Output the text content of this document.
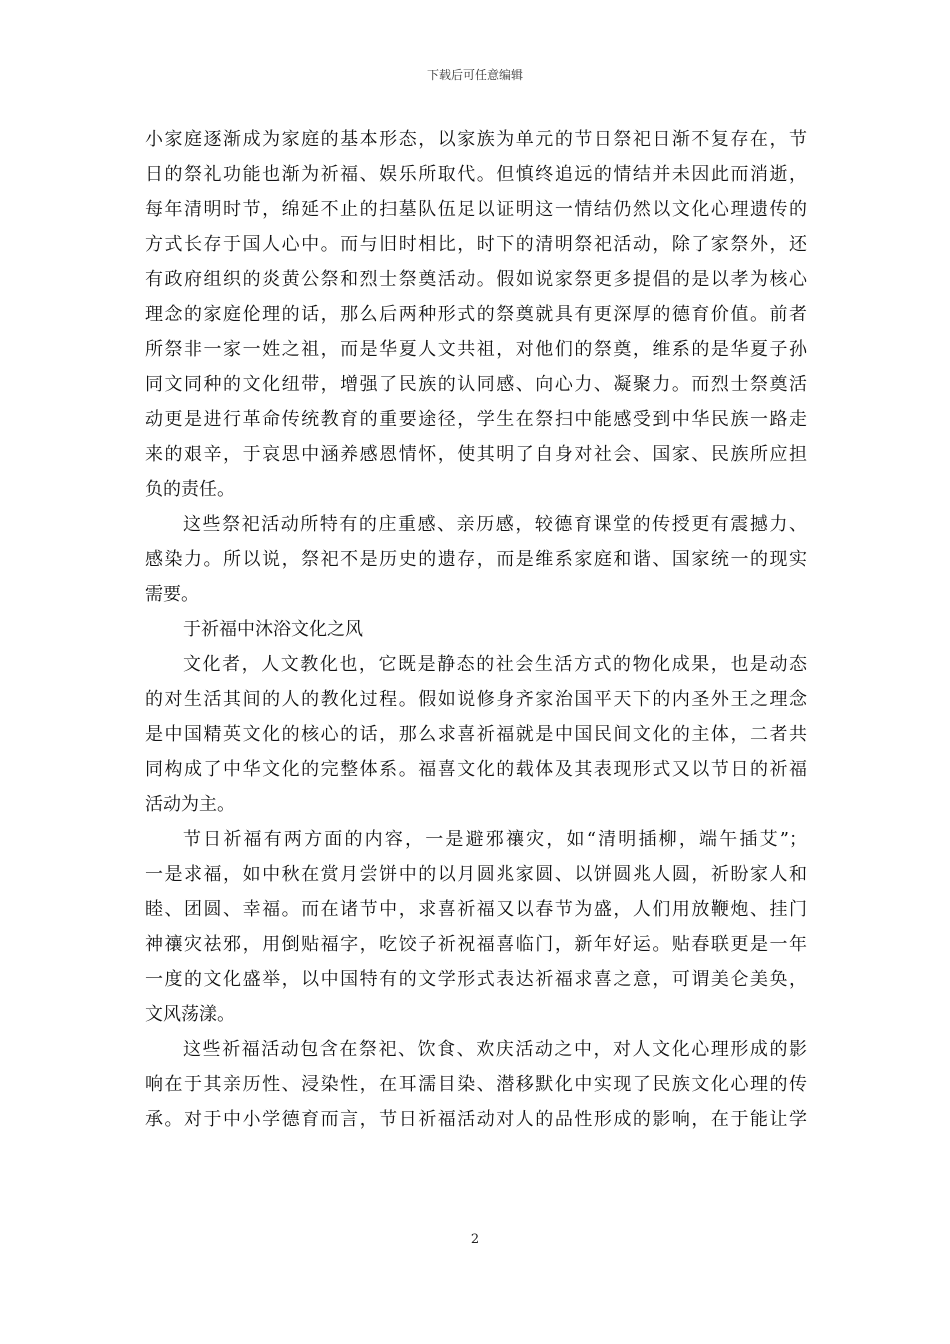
下载后可任意编辑
小家庭逐渐成为家庭的基本形态，以家族为单元的节日祭祀日渐不复存在，节
日的祭礼功能也渐为祈福、娱乐所取代。但慎终追远的情结并未因此而消逝，
每年清明时节，绵延不止的扫墓队伍足以证明这一情结仍然以文化心理遗传的
方式长存于国人心中。而与旧时相比，时下的清明祭祀活动，除了家祭外，还
有政府组织的炎黄公祭和烈士祭奠活动。假如说家祭更多提倡的是以孝为核心
理念的家庭伦理的话，那么后两种形式的祭奠就具有更深厚的德育价值。前者
所祭非一家一姓之祖，而是华夏人文共祖，对他们的祭奠，维系的是华夏子孙
同文同种的文化纽带，增强了民族的认同感、向心力、凝聚力。而烈士祭奠活
动更是进行革命传统教育的重要途径，学生在祭扫中能感受到中华民族一路走
来的艰辛，于哀思中涵养感恩情怀，使其明了自身对社会、国家、民族所应担
负的责任。
这些祭祀活动所特有的庄重感、亲历感，较德育课堂的传授更有震撼力、
感染力。所以说，祭祀不是历史的遗存，而是维系家庭和谐、国家统一的现实
需要。
于祈福中沐浴文化之风
文化者，人文教化也，它既是静态的社会生活方式的物化成果，也是动态
的对生活其间的人的教化过程。假如说修身齐家治国平天下的内圣外王之理念
是中国精英文化的核心的话，那么求喜祈福就是中国民间文化的主体，二者共
同构成了中华文化的完整体系。福喜文化的载体及其表现形式又以节日的祈福
活动为主。
节日祈福有两方面的内容，一是避邪禳灾，如“清明插柳，端午插艾”；
一是求福，如中秋在赏月尝饼中的以月圆兆家圆、以饼圆兆人圆，祈盼家人和
睦、团圆、幸福。而在诸节中，求喜祈福又以春节为盛，人们用放鞭炮、挂门
神禳灾祛邪，用倒贴福字，吃饺子祈祝福喜临门，新年好运。贴春联更是一年
一度的文化盛举，以中国特有的文学形式表达祈福求喜之意，可谓美仑美奂，
文风荡漾。
这些祈福活动包含在祭祀、饮食、欢庆活动之中，对人文化心理形成的影
响在于其亲历性、浸染性，在耳濡目染、潜移默化中实现了民族文化心理的传
承。对于中小学德育而言，节日祈福活动对人的品性形成的影响，在于能让学
2
